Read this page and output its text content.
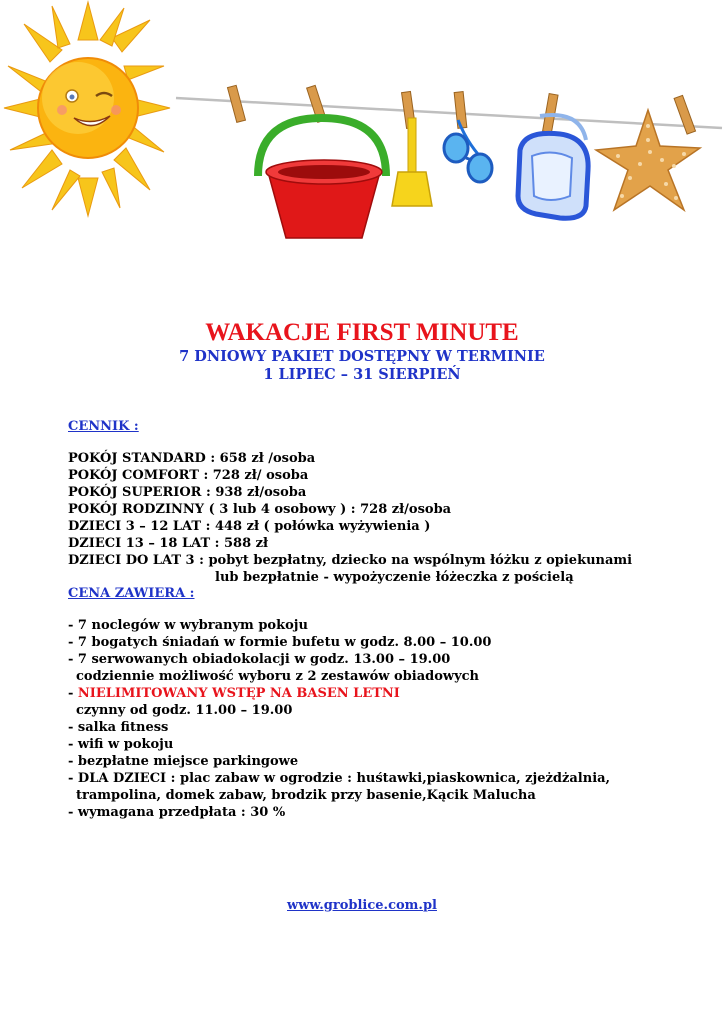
WAKACJE FIRST MINUTE
7 DNIOWY PAKIET DOSTĘPNY W TERMINIE
1 LIPIEC – 31 SIERPIEŃ
CENNIK :
POKÓJ STANDARD : 658 zł /osoba
POKÓJ COMFORT : 728 zł/ osoba
POKÓJ SUPERIOR : 938 zł/osoba
POKÓJ RODZINNY ( 3 lub 4 osobowy ) : 728 zł/osoba
DZIECI 3 – 12 LAT : 448 zł ( połówka wyżywienia )
DZIECI 13 – 18 LAT : 588 zł
DZIECI DO LAT 3 : pobyt bezpłatny, dziecko na wspólnym łóżku z opiekunami
lub bezpłatnie - wypożyczenie łóżeczka z pościelą
CENA ZAWIERA :
- 7 noclegów w wybranym pokoju
- 7 bogatych śniadań w formie bufetu w godz. 8.00 – 10.00
- 7 serwowanych obiadokolacji w godz. 13.00 – 19.00
codziennie możliwość wyboru z 2 zestawów obiadowych
- NIELIMITOWANY WSTĘP NA BASEN LETNI
czynny od godz. 11.00 – 19.00
- salka fitness
- wifi w pokoju
- bezpłatne miejsce parkingowe
- DLA DZIECI : plac zabaw w ogrodzie : huśtawki,piaskownica, zjeżdżalnia,
trampolina, domek zabaw, brodzik przy basenie,Kącik Malucha
- wymagana przedpłata : 30 %
www.groblice.com.pl
